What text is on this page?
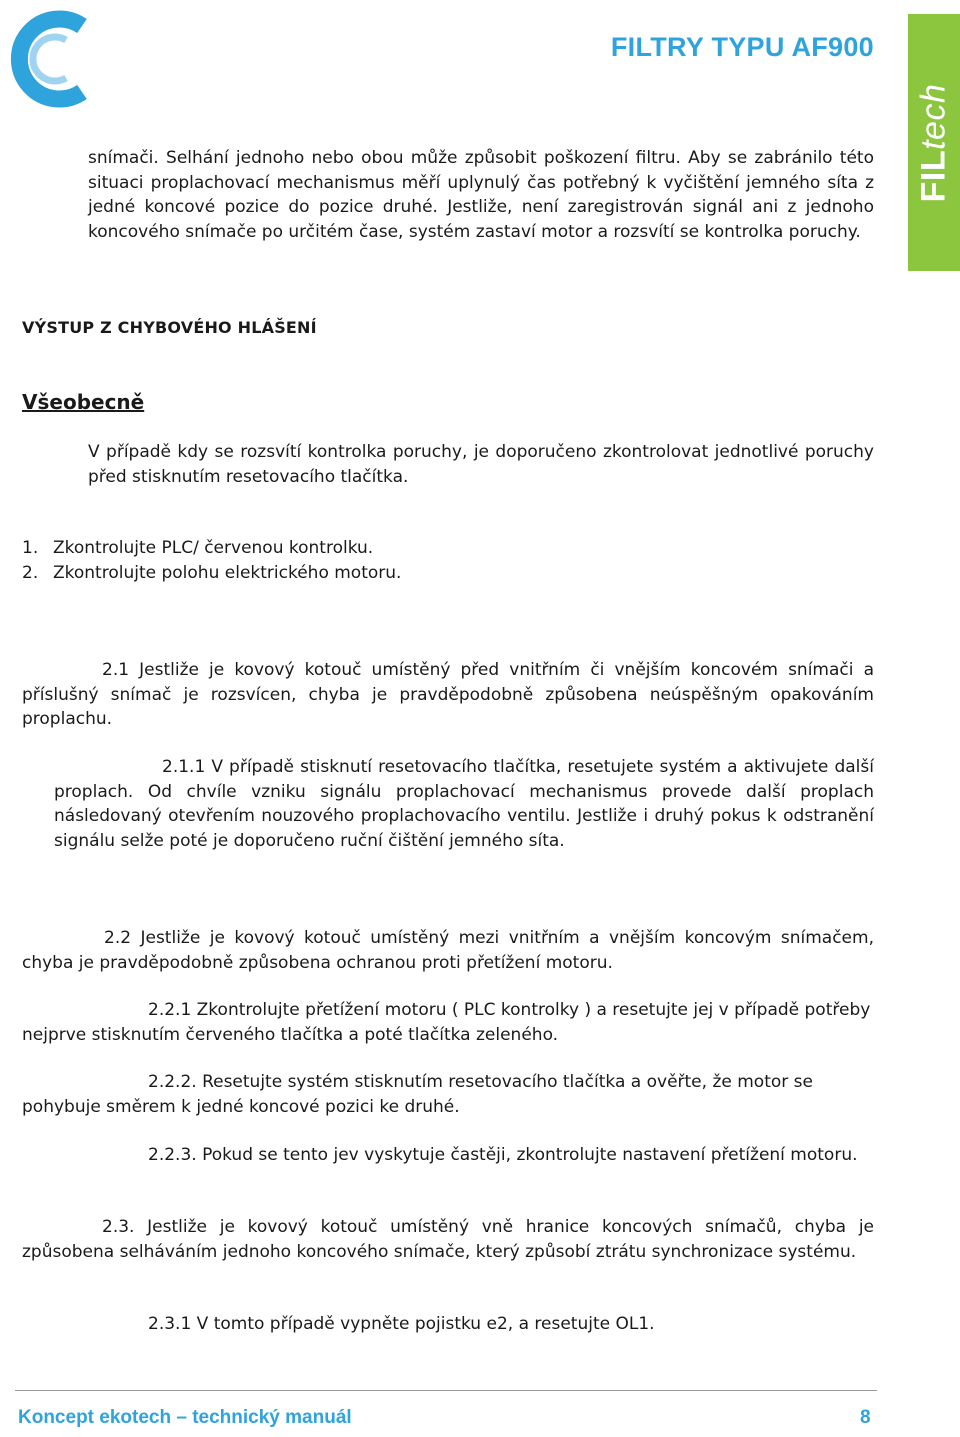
FILTRY TYPU AF900
FILtech

snímači. Selhání jednoho nebo obou může způsobit poškození filtru. Aby se zabránilo této situaci proplachovací mechanismus měří uplynulý čas potřebný k vyčištění jemného síta z jedné koncové pozice do pozice druhé. Jestliže, není zaregistrován signál ani z jednoho koncového snímače po určitém čase, systém zastaví motor a rozsvítí se kontrolka poruchy.

VÝSTUP Z CHYBOVÉHO HLÁŠENÍ
Všeobecně

V případě kdy se rozsvítí kontrolka poruchy, je doporučeno zkontrolovat jednotlivé poruchy před stisknutím resetovacího tlačítka.

1. Zkontrolujte PLC/ červenou kontrolku.
2. Zkontrolujte polohu elektrického motoru.

2.1 Jestliže je kovový kotouč umístěný před vnitřním či vnějším koncovém snímači a příslušný snímač je rozsvícen, chyba je pravděpodobně způsobena neúspěšným opakováním proplachu.

2.1.1 V případě stisknutí resetovacího tlačítka, resetujete systém a aktivujete další proplach. Od chvíle vzniku signálu proplachovací mechanismus provede další proplach následovaný otevřením nouzového proplachovacího ventilu. Jestliže i druhý pokus k odstranění signálu selže poté je doporučeno ruční čištění jemného síta.

2.2 Jestliže je kovový kotouč umístěný mezi vnitřním a vnějším koncovým snímačem, chyba je pravděpodobně způsobena ochranou proti přetížení motoru.

2.2.1 Zkontrolujte přetížení motoru ( PLC kontrolky ) a resetujte jej v případě potřeby nejprve stisknutím červeného tlačítka a poté tlačítka zeleného.

2.2.2. Resetujte systém stisknutím resetovacího tlačítka a ověřte, že motor se pohybuje směrem k jedné koncové pozici ke druhé.

2.2.3. Pokud se tento jev vyskytuje častěji, zkontrolujte nastavení přetížení motoru.

2.3. Jestliže je kovový kotouč umístěný vně hranice koncových snímačů, chyba je způsobena selháváním jednoho koncového snímače, který způsobí ztrátu synchronizace systému.

2.3.1 V tomto případě vypněte pojistku e2, a resetujte OL1.

Koncept ekotech – technický manuál	8
